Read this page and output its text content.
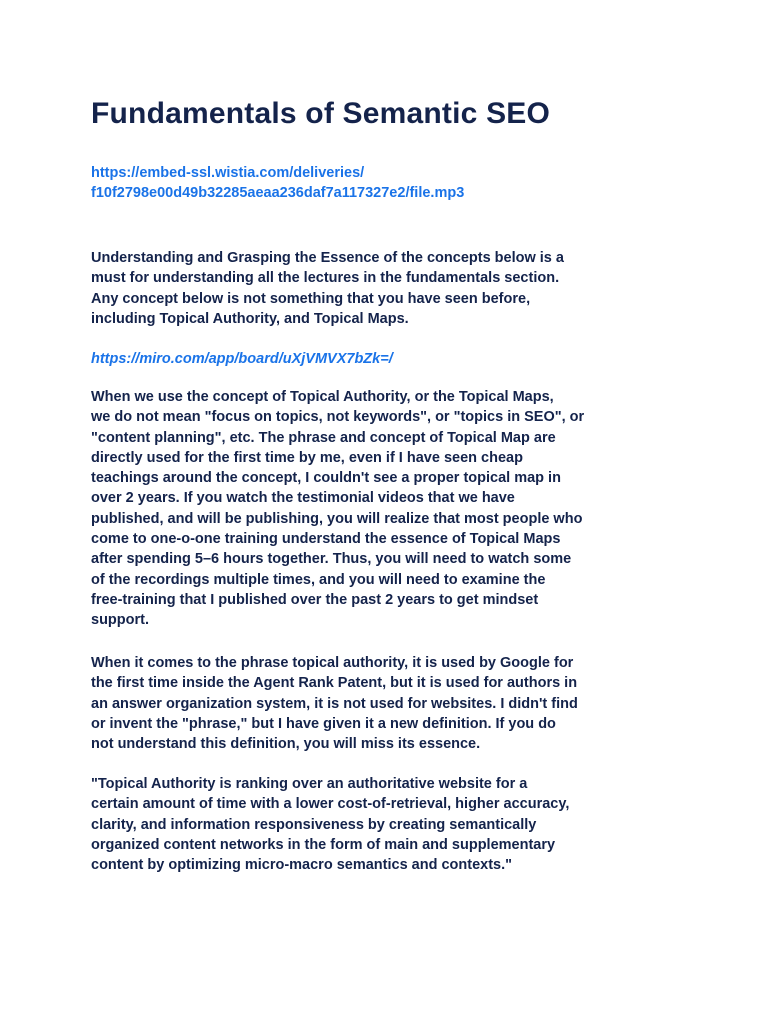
Fundamentals of Semantic SEO
https://embed-ssl.wistia.com/deliveries/
f10f2798e00d49b32285aeaa236daf7a117327e2/file.mp3

Understanding and Grasping the Essence of the concepts below is a
must for understanding all the lectures in the fundamentals section.
Any concept below is not something that you have seen before,
including Topical Authority, and Topical Maps.

https://miro.com/app/board/uXjVMVX7bZk=/

When we use the concept of Topical Authority, or the Topical Maps,
we do not mean "focus on topics, not keywords", or "topics in SEO", or
"content planning", etc. The phrase and concept of Topical Map are
directly used for the first time by me, even if I have seen cheap
teachings around the concept, I couldn't see a proper topical map in
over 2 years. If you watch the testimonial videos that we have
published, and will be publishing, you will realize that most people who
come to one-o-one training understand the essence of Topical Maps
after spending 5–6 hours together. Thus, you will need to watch some
of the recordings multiple times, and you will need to examine the
free-training that I published over the past 2 years to get mindset
support.

When it comes to the phrase topical authority, it is used by Google for
the first time inside the Agent Rank Patent, but it is used for authors in
an answer organization system, it is not used for websites. I didn't find
or invent the "phrase," but I have given it a new definition. If you do
not understand this definition, you will miss its essence.

"Topical Authority is ranking over an authoritative website for a
certain amount of time with a lower cost-of-retrieval, higher accuracy,
clarity, and information responsiveness by creating semantically
organized content networks in the form of main and supplementary
content by optimizing micro-macro semantics and contexts."
